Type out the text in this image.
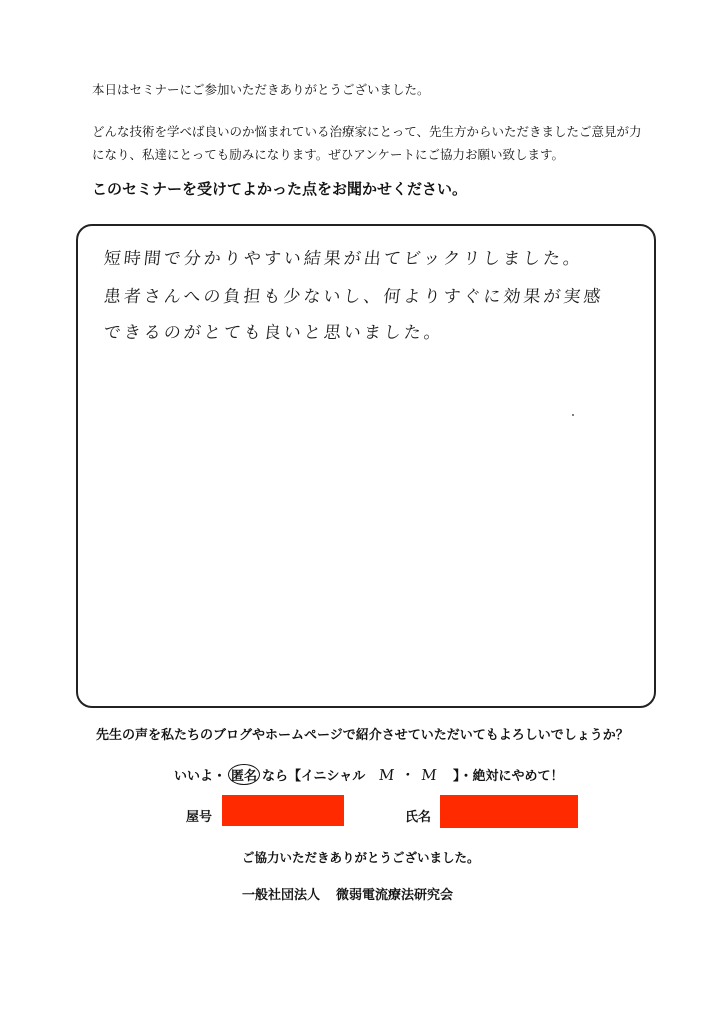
本日はセミナーにご参加いただきありがとうございました。
どんな技術を学べば良いのか悩まれている治療家にとって、先生方からいただきましたご意見が力
になり、私達にとっても励みになります。ぜひアンケートにご協力お願い致します。
このセミナーを受けてよかった点をお聞かせください。
短時間で分かりやすい結果が出てビックリしました。
患者さんへの負担も少ないし、何よりすぐに効果が実感
できるのがとても良いと思いました。
先生の声を私たちのブログやホームページで紹介させていただいてもよろしいでしょうか？
いいよ・ 匿名 なら【イニシャル M・M 】・絶対にやめて！
屋号	氏名
ご協力いただきありがとうございました。
一般社団法人 微弱電流療法研究会
